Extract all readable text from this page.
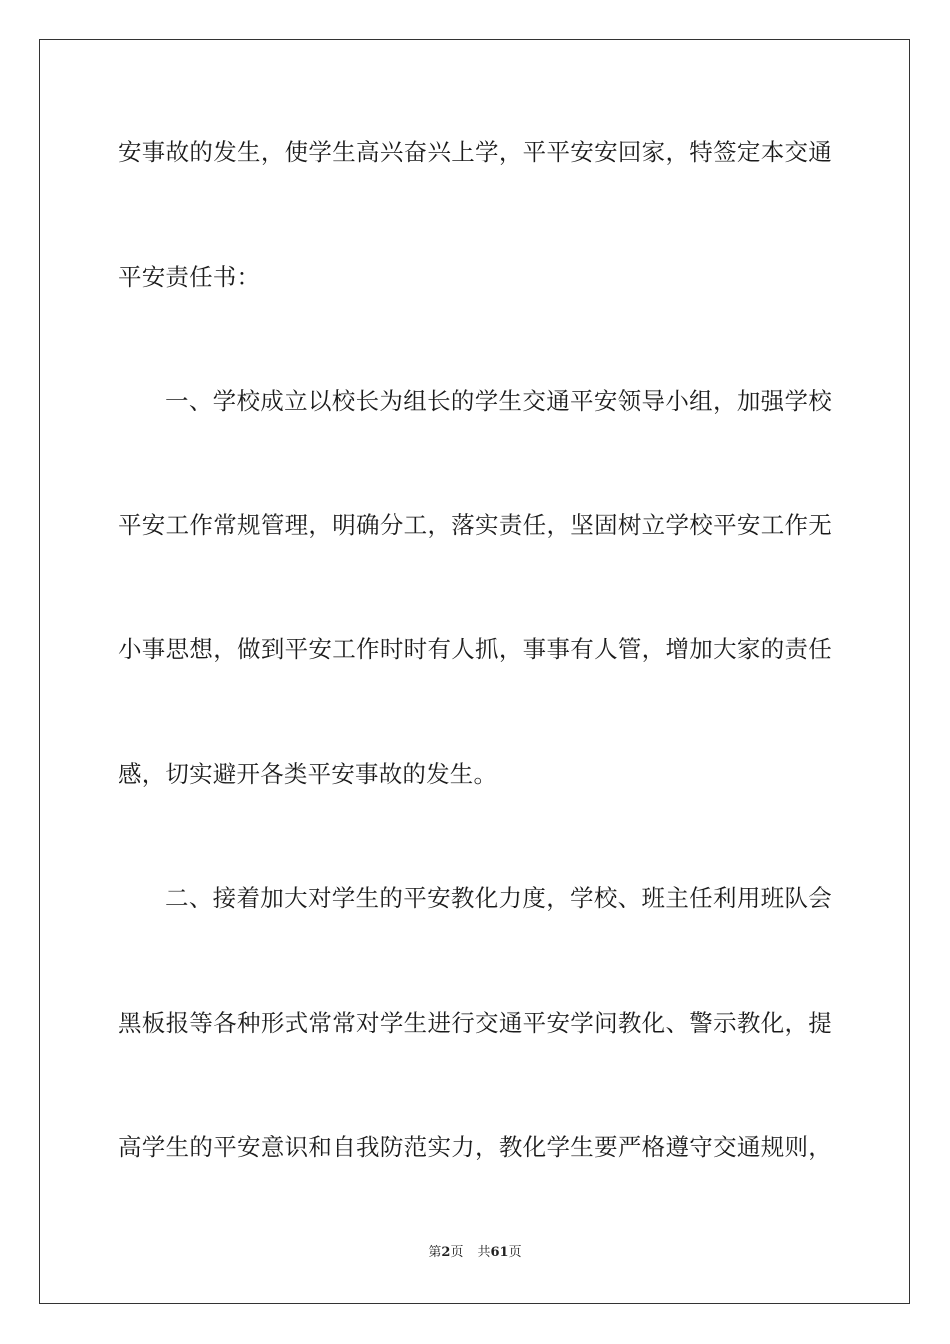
安事故的发生，使学生高兴奋兴上学，平平安安回家，特签定本交通
平安责任书：
一、学校成立以校长为组长的学生交通平安领导小组，加强学校
平安工作常规管理，明确分工，落实责任，坚固树立学校平安工作无
小事思想，做到平安工作时时有人抓，事事有人管，增加大家的责任
感，切实避开各类平安事故的发生。
二、接着加大对学生的平安教化力度，学校、班主任利用班队会
黑板报等各种形式常常对学生进行交通平安学问教化、警示教化，提
高学生的平安意识和自我防范实力，教化学生要严格遵守交通规则，
第2页 共61页
